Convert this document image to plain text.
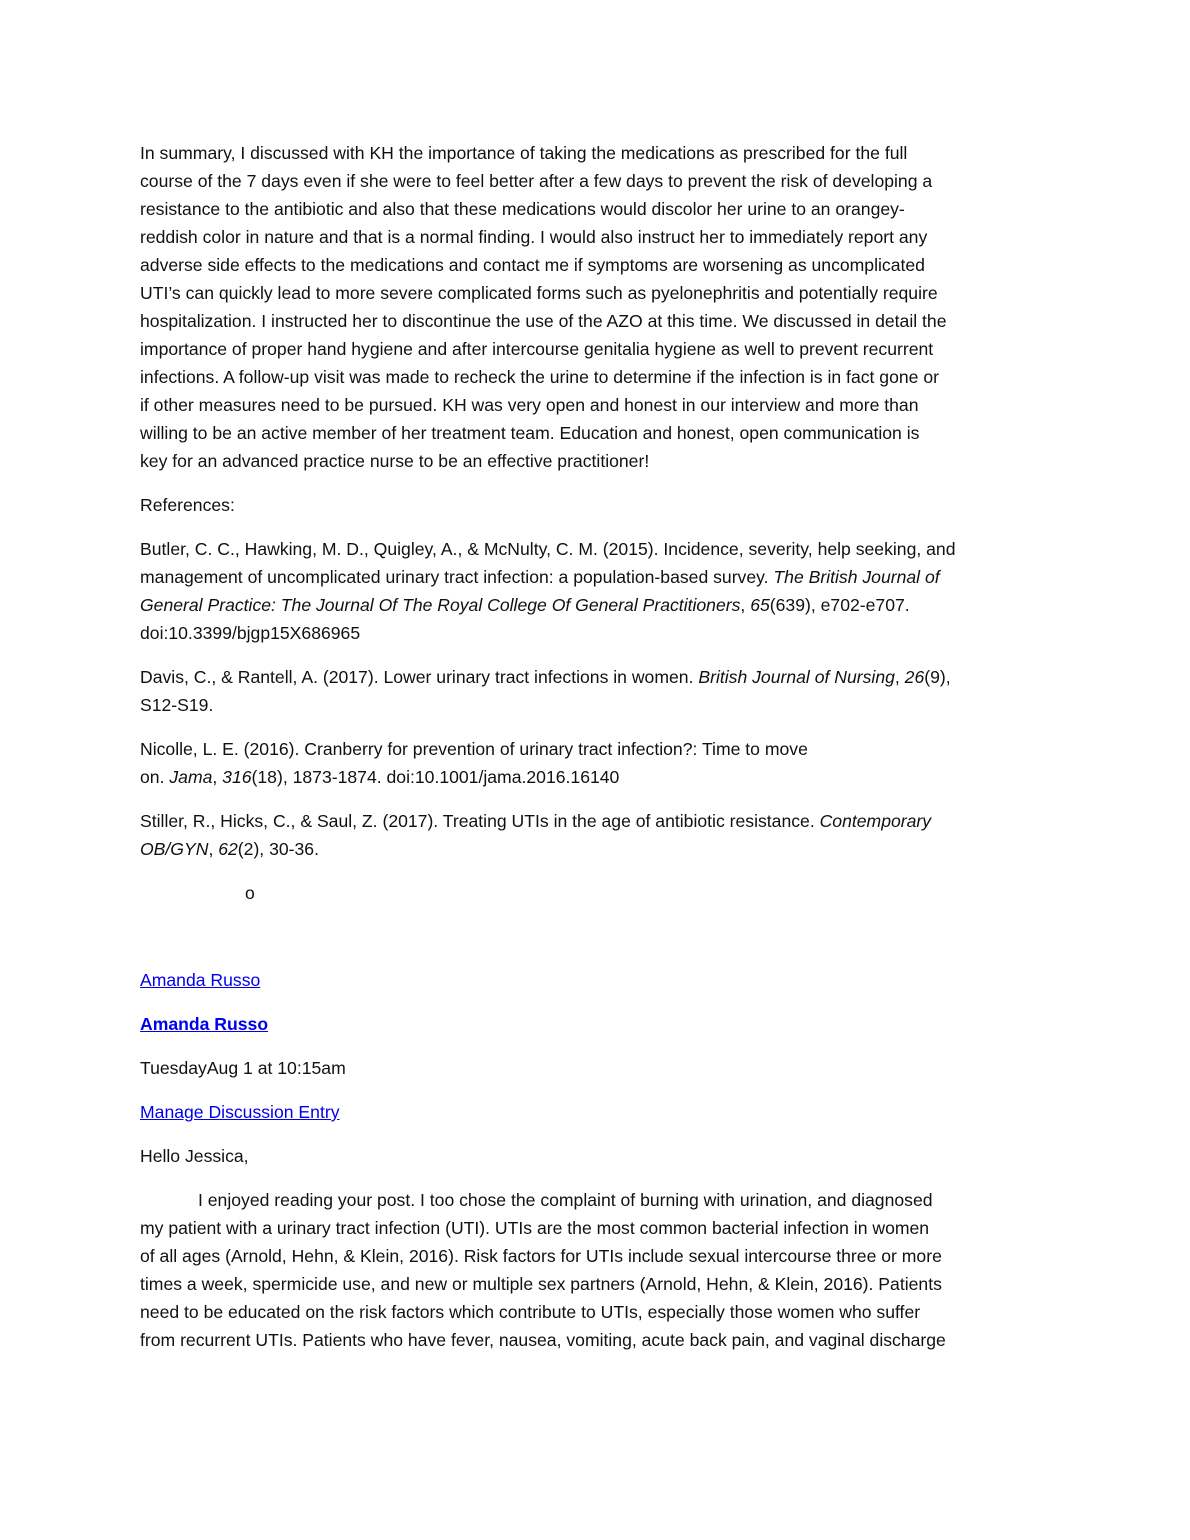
In summary, I discussed with KH the importance of taking the medications as prescribed for the full
course of the 7 days even if she were to feel better after a few days to prevent the risk of developing a
resistance to the antibiotic and also that these medications would discolor her urine to an orangey-
reddish color in nature and that is a normal finding. I would also instruct her to immediately report any
adverse side effects to the medications and contact me if symptoms are worsening as uncomplicated
UTI’s can quickly lead to more severe complicated forms such as pyelonephritis and potentially require
hospitalization. I instructed her to discontinue the use of the AZO at this time. We discussed in detail the
importance of proper hand hygiene and after intercourse genitalia hygiene as well to prevent recurrent
infections. A follow-up visit was made to recheck the urine to determine if the infection is in fact gone or
if other measures need to be pursued. KH was very open and honest in our interview and more than
willing to be an active member of her treatment team. Education and honest, open communication is
key for an advanced practice nurse to be an effective practitioner!

References:

Butler, C. C., Hawking, M. D., Quigley, A., & McNulty, C. M. (2015). Incidence, severity, help seeking, and
management of uncomplicated urinary tract infection: a population-based survey. The British Journal of
General Practice: The Journal Of The Royal College Of General Practitioners, 65(639), e702-e707.
doi:10.3399/bjgp15X686965

Davis, C., & Rantell, A. (2017). Lower urinary tract infections in women. British Journal of Nursing, 26(9),
S12-S19.

Nicolle, L. E. (2016). Cranberry for prevention of urinary tract infection?: Time to move
on. Jama, 316(18), 1873-1874. doi:10.1001/jama.2016.16140

Stiller, R., Hicks, C., & Saul, Z. (2017). Treating UTIs in the age of antibiotic resistance. Contemporary
OB/GYN, 62(2), 30-36.

o

Amanda Russo

Amanda Russo

TuesdayAug 1 at 10:15am

Manage Discussion Entry

Hello Jessica,

I enjoyed reading your post. I too chose the complaint of burning with urination, and diagnosed
my patient with a urinary tract infection (UTI). UTIs are the most common bacterial infection in women
of all ages (Arnold, Hehn, & Klein, 2016). Risk factors for UTIs include sexual intercourse three or more
times a week, spermicide use, and new or multiple sex partners (Arnold, Hehn, & Klein, 2016). Patients
need to be educated on the risk factors which contribute to UTIs, especially those women who suffer
from recurrent UTIs. Patients who have fever, nausea, vomiting, acute back pain, and vaginal discharge
